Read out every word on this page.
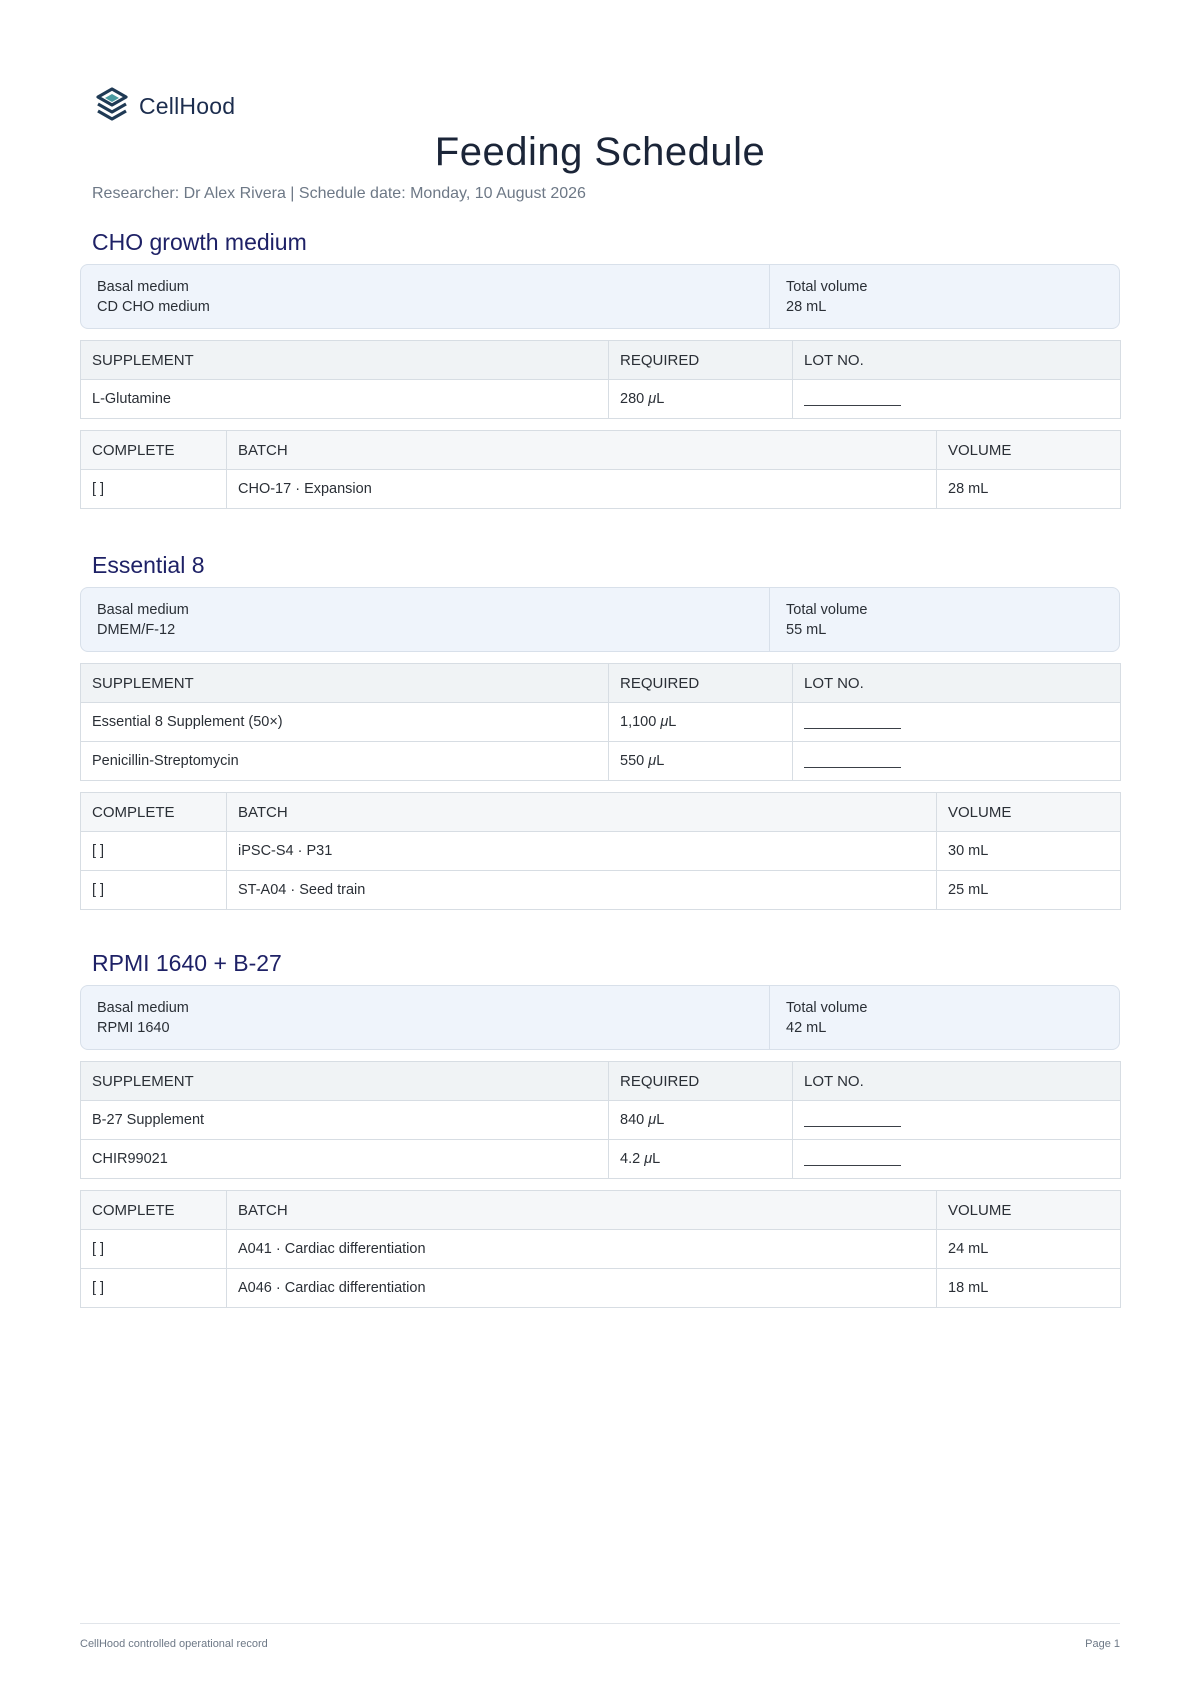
CellHood
Feeding Schedule
Researcher: Dr Alex Rivera | Schedule date: Monday, 10 August 2026
CHO growth medium
Basal medium
CD CHO medium
Total volume
28 mL
SUPPLEMENT	REQUIRED	LOT NO.
L-Glutamine	280 μL	
COMPLETE	BATCH	VOLUME
[ ]	CHO-17 · Expansion	28 mL
Essential 8
Basal medium
DMEM/F-12
Total volume
55 mL
SUPPLEMENT	REQUIRED	LOT NO.
Essential 8 Supplement (50×)	1,100 μL	
Penicillin-Streptomycin	550 μL	
COMPLETE	BATCH	VOLUME
[ ]	iPSC-S4 · P31	30 mL
[ ]	ST-A04 · Seed train	25 mL
RPMI 1640 + B-27
Basal medium
RPMI 1640
Total volume
42 mL
SUPPLEMENT	REQUIRED	LOT NO.
B-27 Supplement	840 μL	
CHIR99021	4.2 μL	
COMPLETE	BATCH	VOLUME
[ ]	A041 · Cardiac differentiation	24 mL
[ ]	A046 · Cardiac differentiation	18 mL
CellHood controlled operational record	Page 1
